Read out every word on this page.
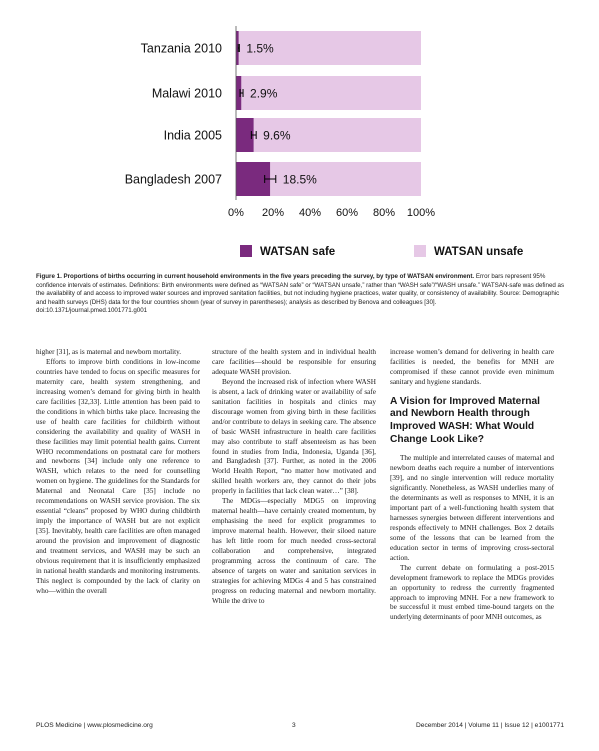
1.5%
2.9%
9.6%
18.5%
Tanzania 2010
Malawi 2010
India 2005
Bangladesh 2007
0% 20% 40% 60% 80% 100%
WATSAN safe	WATSAN unsafe
Figure 1. Proportions of births occurring in current household environments in the five years preceding the survey, by type of WATSAN environment. Error bars represent 95% confidence intervals of estimates. Definitions: Birth environments were defined as “WATSAN safe” or “WATSAN unsafe,” rather than “WASH safe”/“WASH unsafe.” WATSAN-safe was defined as the availability of and access to improved water sources and improved sanitation facilities, but not including hygiene practices, water quality, or consistency of availability. Source: Demographic and health surveys (DHS) data for the four countries shown (year of survey in parentheses); analysis as described by Benova and colleagues [30].
doi:10.1371/journal.pmed.1001771.g001

higher [31], as is maternal and newborn mortality.

Efforts to improve birth conditions in low-income countries have tended to focus on specific measures for maternity care, health system strengthening, and increasing women’s demand for giving birth in health care facilities [32,33]. Little attention has been paid to the conditions in which births take place. Increasing the use of health care facilities for childbirth without considering the availability and quality of WASH in these facilities may limit potential health gains. Current WHO recommendations on postnatal care for mothers and newborns [34] include only one reference to WASH, which relates to the need for counselling women on hygiene. The guidelines for the Standards for Maternal and Neonatal Care [35] include no recommendations on WASH service provision. The six essential “cleans” proposed by WHO during childbirth imply the importance of WASH but are not explicit [35]. Inevitably, health care facilities are often managed around the provision and improvement of diagnostic and treatment services, and WASH may be such an obvious requirement that it is insufficiently emphasized in national health standards and monitoring instruments. This neglect is compounded by the lack of clarity on who—within the overall

structure of the health system and in individual health care facilities—should be responsible for ensuring adequate WASH provision.

Beyond the increased risk of infection where WASH is absent, a lack of drinking water or availability of safe sanitation facilities in hospitals and clinics may discourage women from giving birth in these facilities and/or contribute to delays in seeking care. The absence of basic WASH infrastructure in health care facilities may also contribute to staff absenteeism as has been found in studies from India, Indonesia, Uganda [36], and Bangladesh [37]. Further, as noted in the 2006 World Health Report, “no matter how motivated and skilled health workers are, they cannot do their jobs properly in facilities that lack clean water…” [38].

The MDGs—especially MDG5 on improving maternal health—have certainly created momentum, by emphasising the need for explicit programmes to improve maternal health. However, their siloed nature has left little room for much needed cross-sectoral collaboration and comprehensive, integrated programming across the continuum of care. The absence of targets on water and sanitation services in strategies for achieving MDGs 4 and 5 has constrained progress on reducing maternal and newborn mortality. While the drive to

increase women’s demand for delivering in health care facilities is needed, the benefits for MNH are compromised if these cannot provide even minimum sanitary and hygiene standards.

A Vision for Improved Maternal and Newborn Health through Improved WASH: What Would Change Look Like?

The multiple and interrelated causes of maternal and newborn deaths each require a number of interventions [39], and no single intervention will reduce mortality significantly. Nonetheless, as WASH underlies many of the determinants as well as responses to MNH, it is an important part of a well-functioning health system that harnesses synergies between different interventions and responds effectively to MNH challenges. Box 2 details some of the lessons that can be learned from the education sector in terms of improving cross-sectoral action.

The current debate on formulating a post-2015 development framework to replace the MDGs provides an opportunity to redress the currently fragmented approach to improving MNH. For a new framework to be successful it must embed time-bound targets on the underlying determinants of poor MNH outcomes, as

PLOS Medicine | www.plosmedicine.org	3	December 2014 | Volume 11 | Issue 12 | e1001771
